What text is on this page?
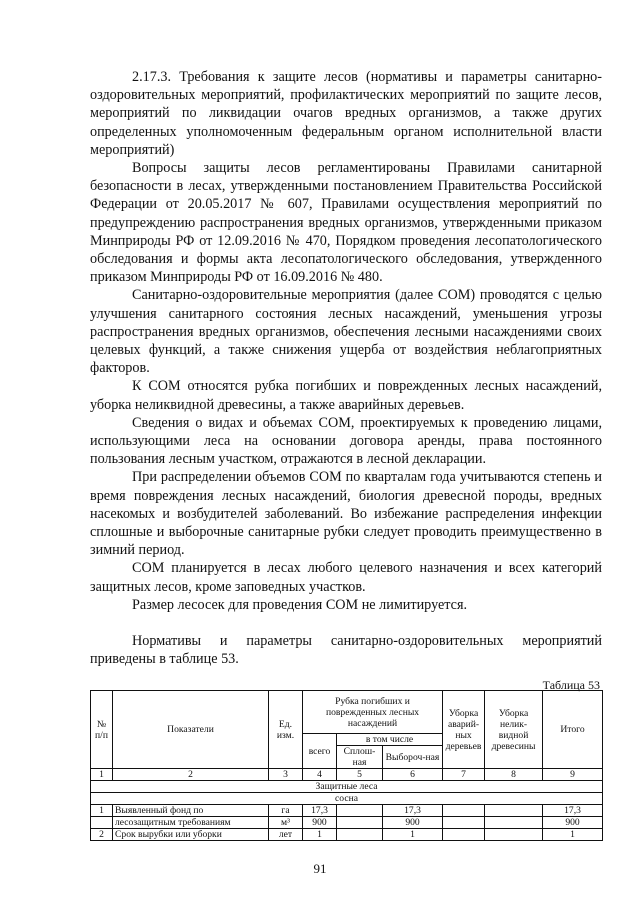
2.17.3. Требования к защите лесов (нормативы и параметры санитарно-оздоровительных мероприятий, профилактических мероприятий по защите лесов, мероприятий по ликвидации очагов вредных организмов, а также других определенных уполномоченным федеральным органом исполнительной власти мероприятий)

Вопросы защиты лесов регламентированы Правилами санитарной безопасности в лесах, утвержденными постановлением Правительства Российской Федерации от 20.05.2017 № 607, Правилами осуществления мероприятий по предупреждению распространения вредных организмов, утвержденными приказом Минприроды РФ от 12.09.2016 № 470, Порядком проведения лесопатологического обследования и формы акта лесопатологического обследования, утвержденного приказом Минприроды РФ от 16.09.2016 № 480.

Санитарно-оздоровительные мероприятия (далее СОМ) проводятся с целью улучшения санитарного состояния лесных насаждений, уменьшения угрозы распространения вредных организмов, обеспечения лесными насаждениями своих целевых функций, а также снижения ущерба от воздействия неблагоприятных факторов.

К СОМ относятся рубка погибших и поврежденных лесных насаждений, уборка неликвидной древесины, а также аварийных деревьев.

Сведения о видах и объемах СОМ, проектируемых к проведению лицами, использующими леса на основании договора аренды, права постоянного пользования лесным участком, отражаются в лесной декларации.

При распределении объемов СОМ по кварталам года учитываются степень и время повреждения лесных насаждений, биология древесной породы, вредных насекомых и возбудителей заболеваний. Во избежание распределения инфекции сплошные и выборочные санитарные рубки следует проводить преимущественно в зимний период.

СОМ планируется в лесах любого целевого назначения и всех категорий защитных лесов, кроме заповедных участков.

Размер лесосек для проведения СОМ не лимитируется.

Нормативы и параметры санитарно-оздоровительных мероприятий приведены в таблице 53.

Таблица 53
№ п/п	Показатели	Ед. изм.	Рубка погибших и поврежденных лесных насаждений			Уборка аварий-ных деревьев	Уборка нелик-видной древесины	Итого
			всего	в том числе				
				Сплош-ная	Выбороч-ная			
1	2	3	4	5	6	7	8	9
Защитные леса								
сосна								
1	Выявленный фонд по	га	17,3		17,3			17,3
	лесозащитным требованиям	м³	900		900			900
2	Срок вырубки или уборки	лет	1		1			1
91
